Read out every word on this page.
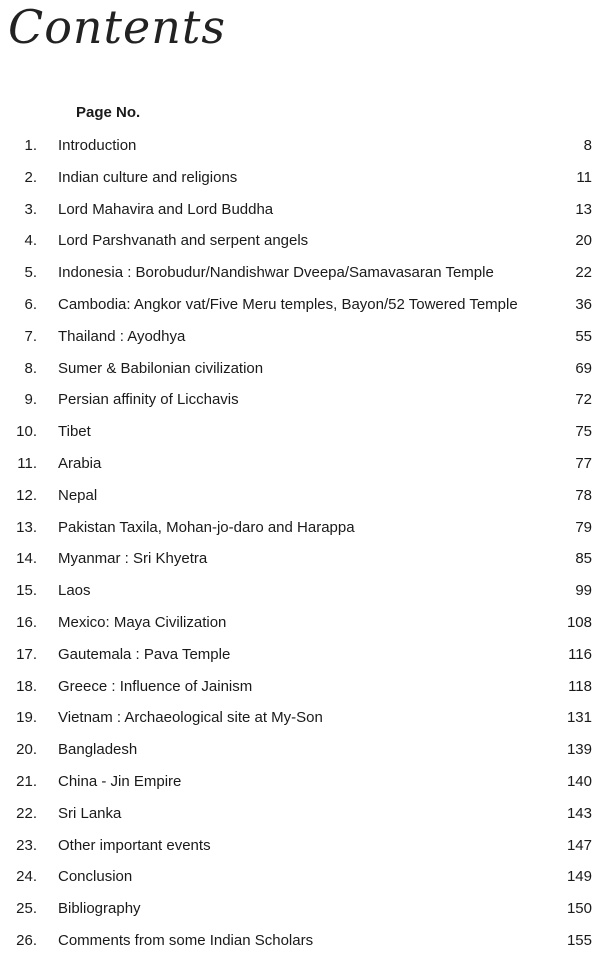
Contents
Page No.
1. Introduction	8
2. Indian culture and religions	11
3. Lord Mahavira and Lord Buddha	13
4. Lord Parshvanath and serpent angels	20
5. Indonesia : Borobudur/Nandishwar Dveepa/Samavasaran Temple	22
6. Cambodia: Angkor vat/Five Meru temples, Bayon/52 Towered Temple	36
7. Thailand : Ayodhya	55
8. Sumer & Babilonian civilization	69
9. Persian affinity of Licchavis	72
10. Tibet	75
11. Arabia	77
12. Nepal	78
13. Pakistan Taxila, Mohan-jo-daro and Harappa	79
14. Myanmar : Sri Khyetra	85
15. Laos	99
16. Mexico: Maya Civilization	108
17. Gautemala : Pava Temple	116
18. Greece : Influence of Jainism	118
19. Vietnam : Archaeological site at My-Son	131
20. Bangladesh	139
21. China - Jin Empire	140
22. Sri Lanka	143
23. Other important events	147
24. Conclusion	149
25. Bibliography	150
26. Comments from some Indian Scholars	155
